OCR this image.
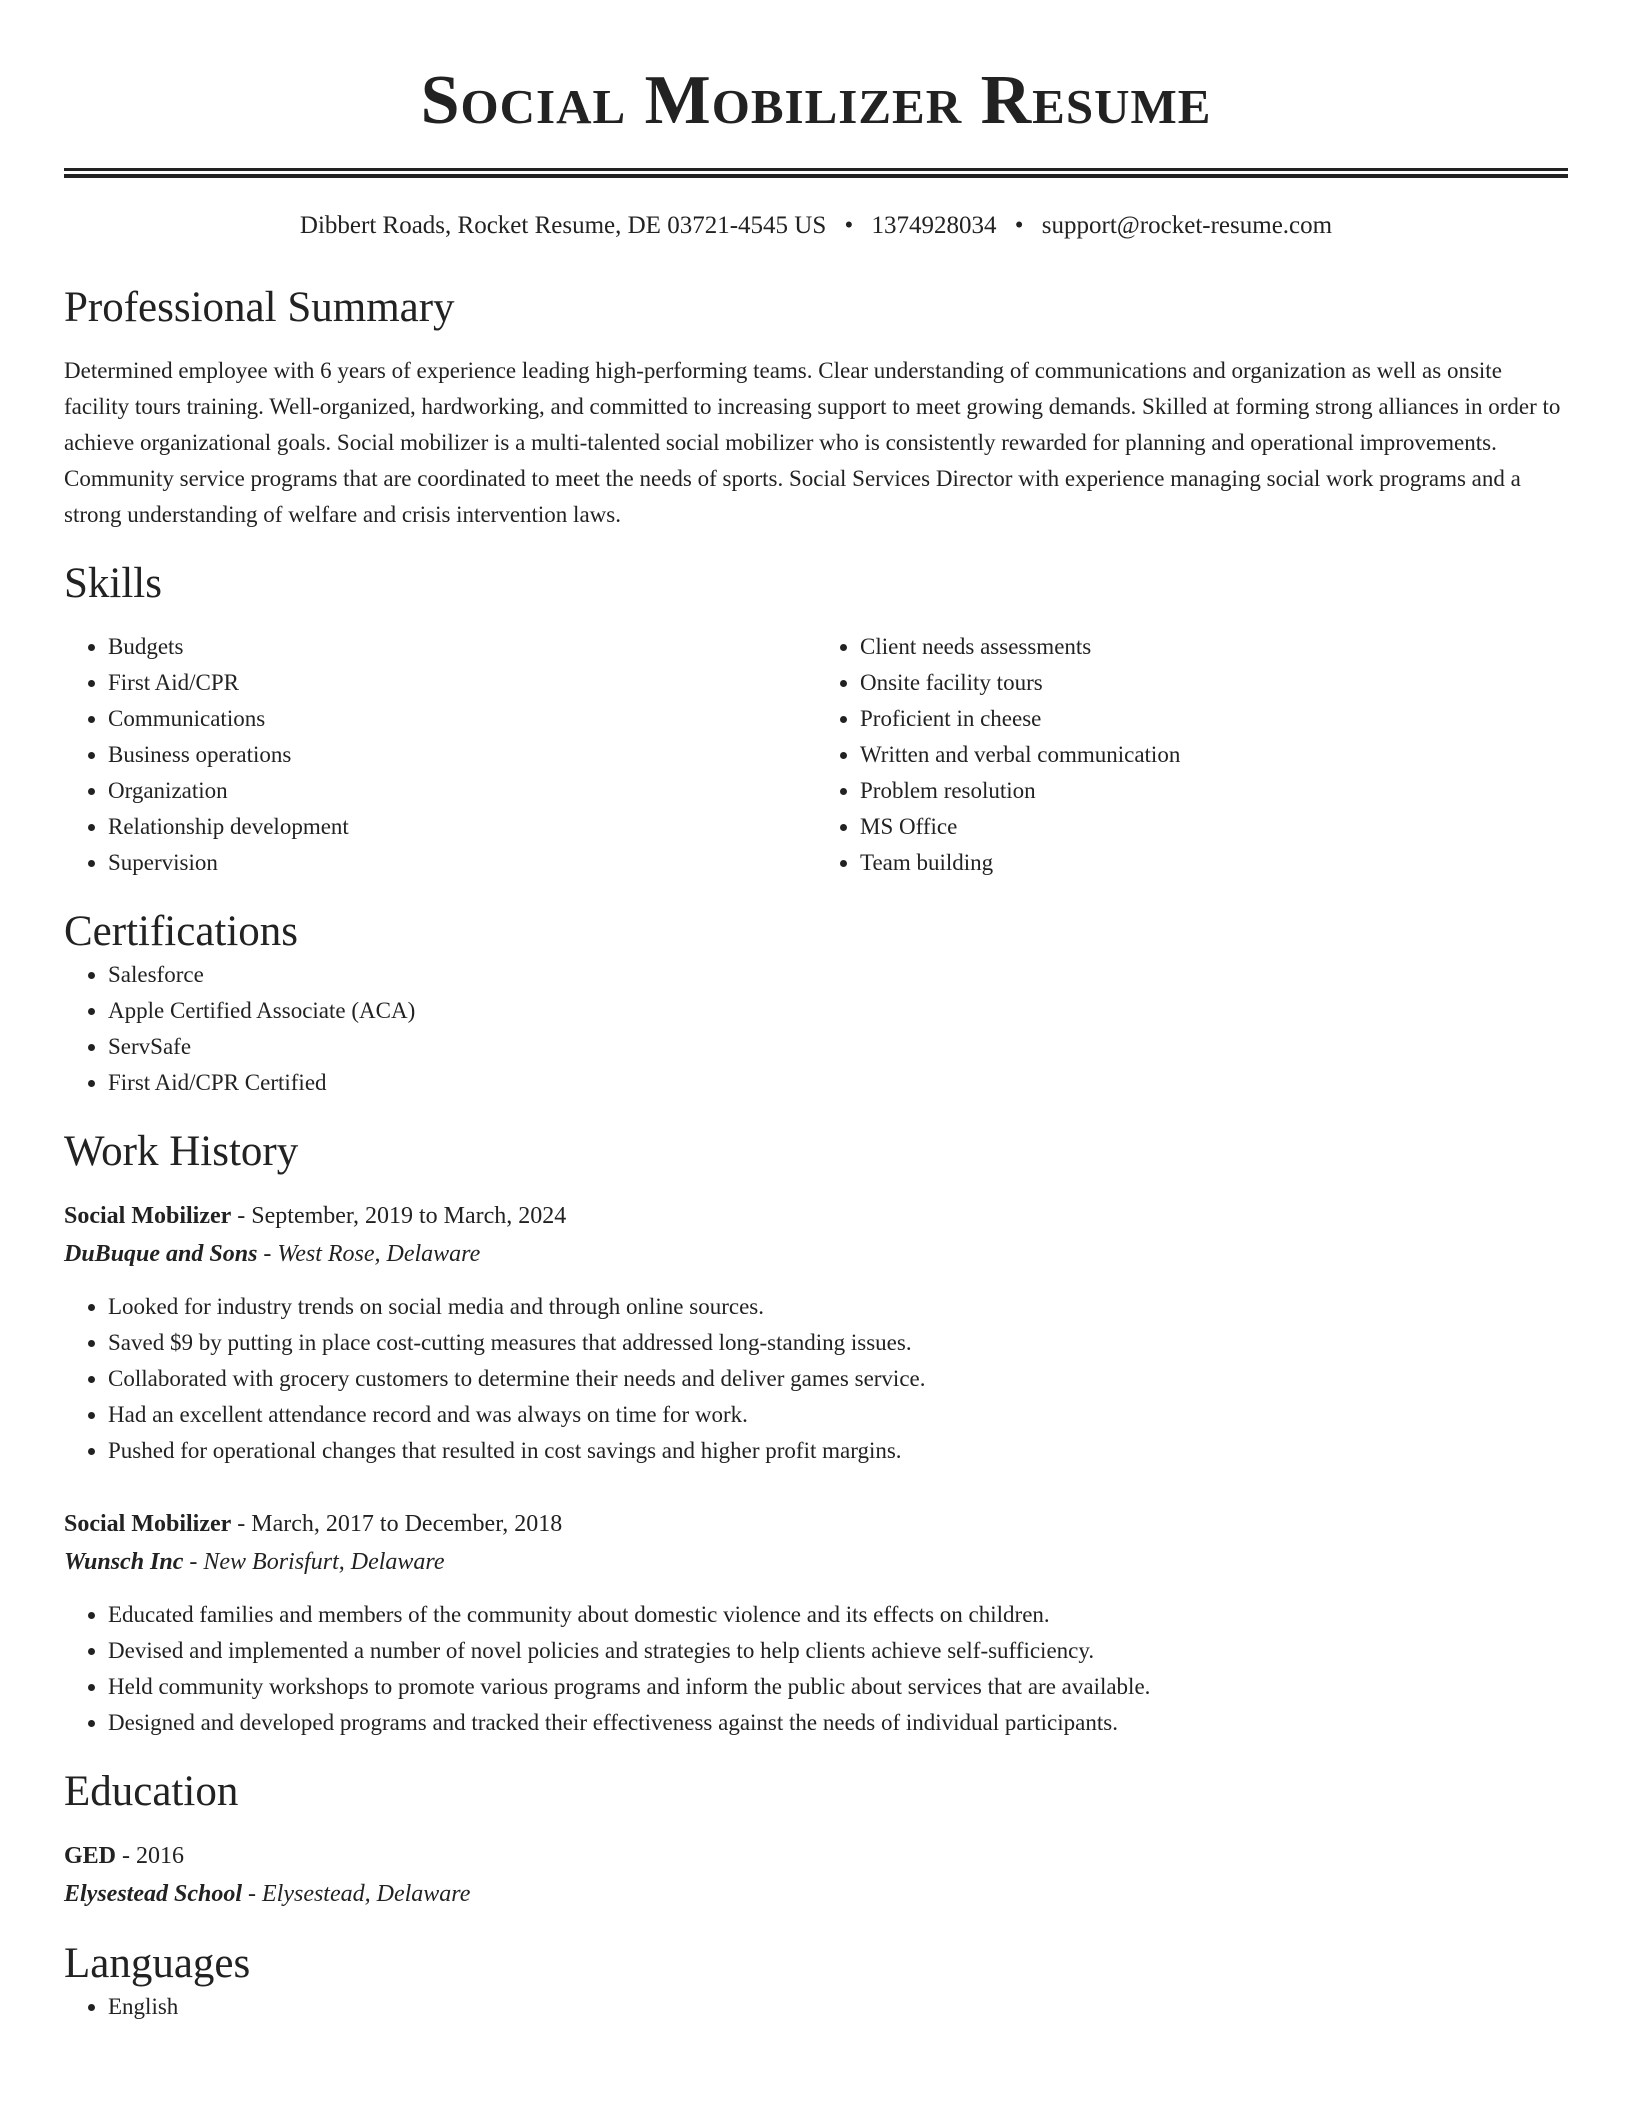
Social Mobilizer Resume
Dibbert Roads, Rocket Resume, DE 03721-4545 US • 1374928034 • support@rocket-resume.com
Professional Summary

Determined employee with 6 years of experience leading high-performing teams. Clear understanding of communications and organization as well as onsite facility tours training. Well-organized, hardworking, and committed to increasing support to meet growing demands. Skilled at forming strong alliances in order to achieve organizational goals. Social mobilizer is a multi-talented social mobilizer who is consistently rewarded for planning and operational improvements. Community service programs that are coordinated to meet the needs of sports. Social Services Director with experience managing social work programs and a strong understanding of welfare and crisis intervention laws.

Skills
• Budgets
• First Aid/CPR
• Communications
• Business operations
• Organization
• Relationship development
• Supervision
• Client needs assessments
• Onsite facility tours
• Proficient in cheese
• Written and verbal communication
• Problem resolution
• MS Office
• Team building
Certifications
• Salesforce
• Apple Certified Associate (ACA)
• ServSafe
• First Aid/CPR Certified
Work History
Social Mobilizer - September, 2019 to March, 2024
DuBuque and Sons - West Rose, Delaware
• Looked for industry trends on social media and through online sources.
• Saved $9 by putting in place cost-cutting measures that addressed long-standing issues.
• Collaborated with grocery customers to determine their needs and deliver games service.
• Had an excellent attendance record and was always on time for work.
• Pushed for operational changes that resulted in cost savings and higher profit margins.
Social Mobilizer - March, 2017 to December, 2018
Wunsch Inc - New Borisfurt, Delaware
• Educated families and members of the community about domestic violence and its effects on children.
• Devised and implemented a number of novel policies and strategies to help clients achieve self-sufficiency.
• Held community workshops to promote various programs and inform the public about services that are available.
• Designed and developed programs and tracked their effectiveness against the needs of individual participants.
Education
GED - 2016
Elysestead School - Elysestead, Delaware
Languages
• English
